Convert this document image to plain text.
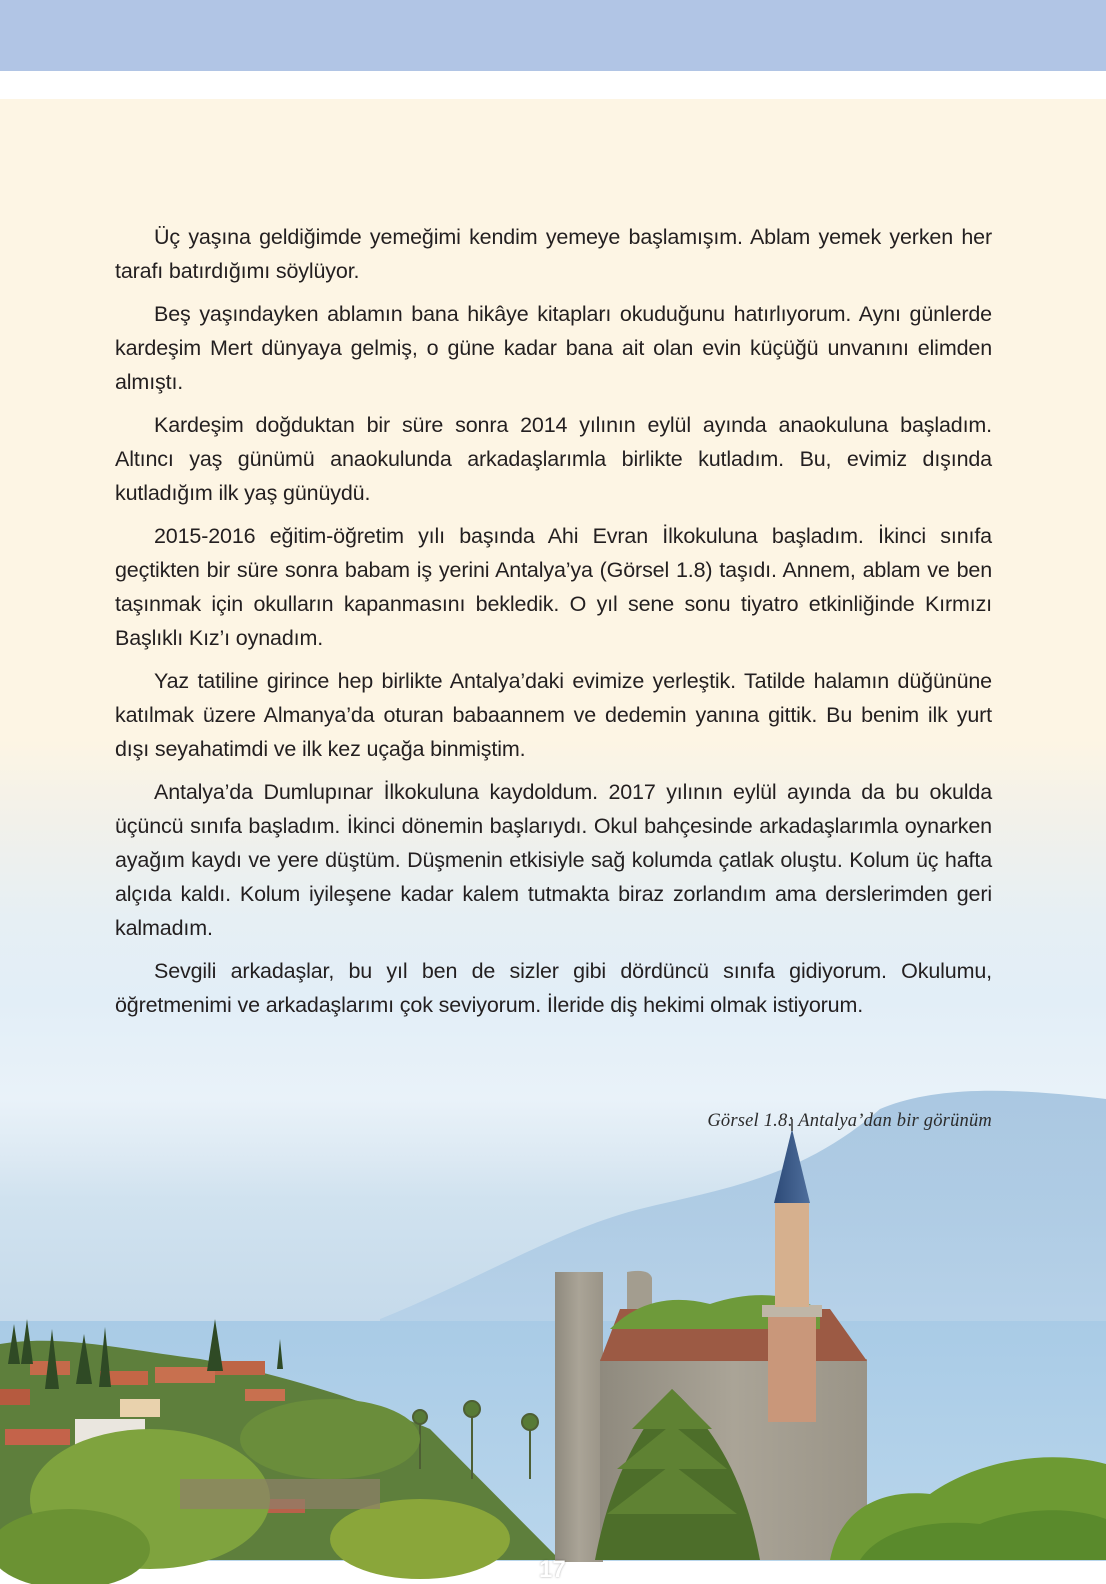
Üç yaşına geldiğimde yemeğimi kendim yemeye başlamışım. Ablam yemek yerken her tarafı batırdığımı söylüyor.

Beş yaşındayken ablamın bana hikâye kitapları okuduğunu hatırlıyorum. Aynı günlerde kardeşim Mert dünyaya gelmiş, o güne kadar bana ait olan evin küçüğü unvanını elimden almıştı.

Kardeşim doğduktan bir süre sonra 2014 yılının eylül ayında anaokuluna başladım. Altıncı yaş günümü anaokulunda arkadaşlarımla birlikte kutladım. Bu, evimiz dışında kutladığım ilk yaş günüydü.

2015-2016 eğitim-öğretim yılı başında Ahi Evran İlkokuluna başladım. İkinci sınıfa geçtikten bir süre sonra babam iş yerini Antalya’ya (Görsel 1.8) taşıdı. Annem, ablam ve ben taşınmak için okulların kapanmasını bekledik. O yıl sene sonu tiyatro etkinliğinde Kırmızı Başlıklı Kız’ı oynadım.

Yaz tatiline girince hep birlikte Antalya’daki evimize yerleştik. Tatilde halamın düğününe katılmak üzere Almanya’da oturan babaannem ve dedemin yanına gittik. Bu benim ilk yurt dışı seyahatimdi ve ilk kez uçağa binmiştim.

Antalya’da Dumlupınar İlkokuluna kaydoldum. 2017 yılının eylül ayında da bu okulda üçüncü sınıfa başladım. İkinci dönemin başlarıydı. Okul bahçesinde arkadaşlarımla oynarken ayağım kaydı ve yere düştüm. Düşmenin etkisiyle sağ kolumda çatlak oluştu. Kolum üç hafta alçıda kaldı. Kolum iyileşene kadar kalem tutmakta biraz zorlandım ama derslerimden geri kalmadım.

Sevgili arkadaşlar, bu yıl ben de sizler gibi dördüncü sınıfa gidiyorum. Okulumu, öğretmenimi ve arkadaşlarımı çok seviyorum. İleride diş hekimi olmak istiyorum.

Görsel 1.8: Antalya’dan bir görünüm
17
